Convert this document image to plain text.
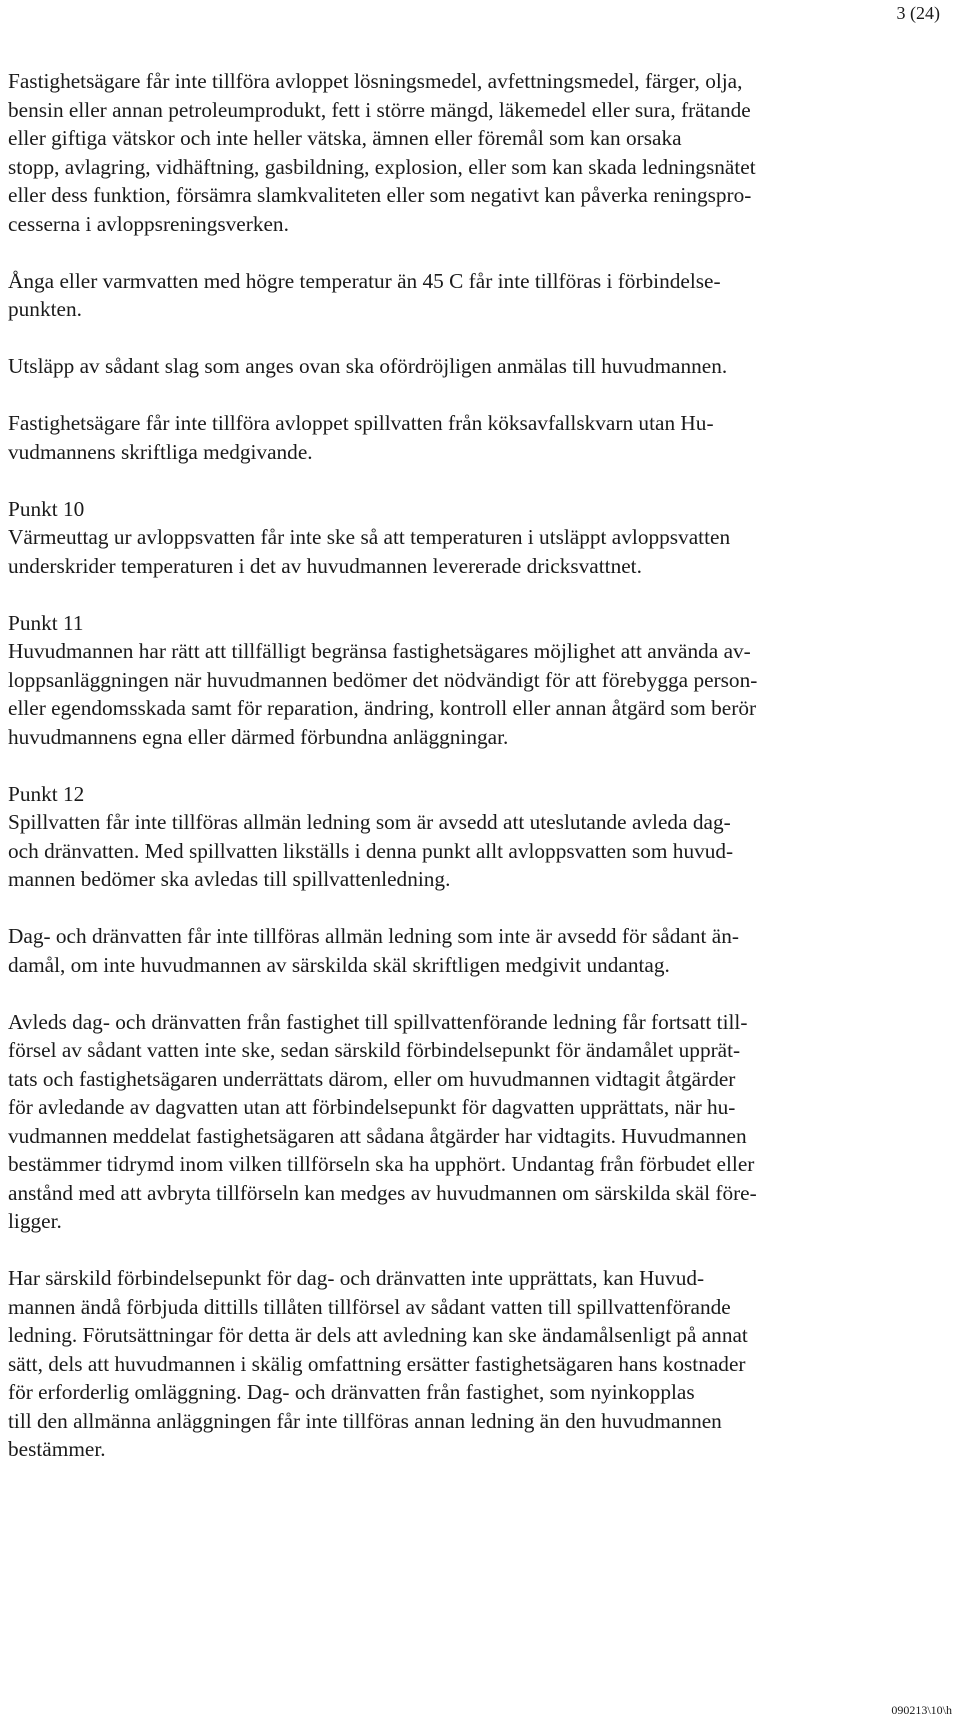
3 (24)
Fastighetsägare får inte tillföra avloppet lösningsmedel, avfettningsmedel, färger, olja,
bensin eller annan petroleumprodukt, fett i större mängd, läkemedel eller sura, frätande
eller giftiga vätskor och inte heller vätska, ämnen eller föremål som kan orsaka
stopp, avlagring, vidhäftning, gasbildning, explosion, eller som kan skada ledningsnätet
eller dess funktion, försämra slamkvaliteten eller som negativt kan påverka reningspro-
cesserna i avloppsreningsverken.
Ånga eller varmvatten med högre temperatur än 45 C får inte tillföras i förbindelse-
punkten.
Utsläpp av sådant slag som anges ovan ska ofördröjligen anmälas till huvudmannen.
Fastighetsägare får inte tillföra avloppet spillvatten från köksavfallskvarn utan Hu-
vudmannens skriftliga medgivande.
Punkt 10
Värmeuttag ur avloppsvatten får inte ske så att temperaturen i utsläppt avloppsvatten
underskrider temperaturen i det av huvudmannen levererade dricksvattnet.
Punkt 11
Huvudmannen har rätt att tillfälligt begränsa fastighetsägares möjlighet att använda av-
loppsanläggningen när huvudmannen bedömer det nödvändigt för att förebygga person-
eller egendomsskada samt för reparation, ändring, kontroll eller annan åtgärd som berör
huvudmannens egna eller därmed förbundna anläggningar.
Punkt 12
Spillvatten får inte tillföras allmän ledning som är avsedd att uteslutande avleda dag-
och dränvatten. Med spillvatten likställs i denna punkt allt avloppsvatten som huvud-
mannen bedömer ska avledas till spillvattenledning.
Dag- och dränvatten får inte tillföras allmän ledning som inte är avsedd för sådant än-
damål, om inte huvudmannen av särskilda skäl skriftligen medgivit undantag.
Avleds dag- och dränvatten från fastighet till spillvattenförande ledning får fortsatt till-
försel av sådant vatten inte ske, sedan särskild förbindelsepunkt för ändamålet upprät-
tats och fastighetsägaren underrättats därom, eller om huvudmannen vidtagit åtgärder
för avledande av dagvatten utan att förbindelsepunkt för dagvatten upprättats, när hu-
vudmannen meddelat fastighetsägaren att sådana åtgärder har vidtagits. Huvudmannen
bestämmer tidrymd inom vilken tillförseln ska ha upphört. Undantag från förbudet eller
anstånd med att avbryta tillförseln kan medges av huvudmannen om särskilda skäl före-
ligger.
Har särskild förbindelsepunkt för dag- och dränvatten inte upprättats, kan Huvud-
mannen ändå förbjuda dittills tillåten tillförsel av sådant vatten till spillvattenförande
ledning. Förutsättningar för detta är dels att avledning kan ske ändamålsenligt på annat
sätt, dels att huvudmannen i skälig omfattning ersätter fastighetsägaren hans kostnader
för erforderlig omläggning. Dag- och dränvatten från fastighet, som nyinkopplas
till den allmänna anläggningen får inte tillföras annan ledning än den huvudmannen
bestämmer.
090213\10\h
